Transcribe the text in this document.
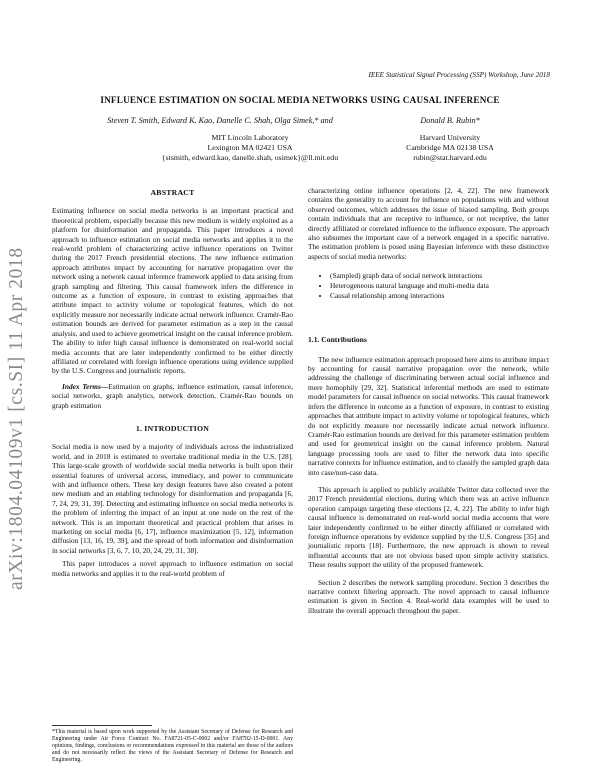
IEEE Statistical Signal Processing (SSP) Workshop, June 2018
arXiv:1804.04109v1 [cs.SI] 11 Apr 2018
INFLUENCE ESTIMATION ON SOCIAL MEDIA NETWORKS USING CAUSAL INFERENCE
Steven T. Smith, Edward K. Kao, Danelle C. Shah, Olga Simek,* and	Donald B. Rubin*
MIT Lincoln Laboratory
Lexington MA 02421 USA
{stsmith, edward.kao, danelle.shah, osimek}@ll.mit.edu
Harvard University
Cambridge MA 02138 USA
rubin@stat.harvard.edu
ABSTRACT

Estimating influence on social media networks is an important practical and theoretical problem, especially because this new medium is widely exploited as a platform for disinformation and propaganda. This paper introduces a novel approach to influence estimation on social media networks and applies it to the real-world problem of characterizing active influence operations on Twitter during the 2017 French presidential elections. The new influence estimation approach attributes impact by accounting for narrative propagation over the network using a network causal inference framework applied to data arising from graph sampling and filtering. This causal framework infers the difference in outcome as a function of exposure, in contrast to existing approaches that attribute impact to activity volume or topological features, which do not explicitly measure nor necessarily indicate actual network influence. Cramér-Rao estimation bounds are derived for parameter estimation as a step in the causal analysis, and used to achieve geometrical insight on the causal inference problem. The ability to infer high causal influence is demonstrated on real-world social media accounts that are later independently confirmed to be either directly affiliated or correlated with foreign influence operations using evidence supplied by the U.S. Congress and journalistic reports.

Index Terms—Estimation on graphs, influence estimation, causal inference, social networks, graph analytics, network detection, Cramér-Rao bounds on graph estimation

1. INTRODUCTION

Social media is now used by a majority of individuals across the industrialized world, and in 2018 is estimated to overtake traditional media in the U.S. [28]. This large-scale growth of worldwide social media networks is built upon their essential features of universal access, immediacy, and power to communicate with and influence others. These key design features have also created a potent new medium and an enabling technology for disinformation and propaganda [6, 7, 24, 29, 31, 39]. Detecting and estimating influence on social media networks is the problem of inferring the impact of an input at one node on the rest of the network. This is an important theoretical and practical problem that arises in marketing on social media [6, 17], influence maximization [5, 12], information diffusion [13, 16, 19, 39], and the spread of both information and disinformation in social networks [3, 6, 7, 10, 20, 24, 29, 31, 38].

This paper introduces a novel approach to influence estimation on social media networks and applies it to the real-world problem of

*This material is based upon work supported by the Assistant Secretary of Defense for Research and Engineering under Air Force Contract No. FA8721-05-C-0002 and/or FA8702-15-D-0001. Any opinions, findings, conclusions or recommendations expressed in this material are those of the authors and do not necessarily reflect the views of the Assistant Secretary of Defense for Research and Engineering.

characterizing online influence operations [2, 4, 22]. The new framework contains the generality to account for influence on populations with and without observed outcomes, which addresses the issue of biased sampling. Both groups contain individuals that are receptive to influence, or not receptive, the latter directly affiliated or correlated influence to the influence exposure. The approach also subsumes the important case of a network engaged in a specific narrative. The estimation problem is posed using Bayesian inference with these distinctive aspects of social media networks:

• (Sampled) graph data of social network interactions
• Heterogeneous natural language and multi-media data
• Causal relationship among interactions
1.1. Contributions

The new influence estimation approach proposed here aims to attribute impact by accounting for causal narrative propagation over the network, while addressing the challenge of discriminating between actual social influence and mere homophily [29, 32]. Statistical inferential methods are used to estimate model parameters for causal influence on social networks. This causal framework infers the difference in outcome as a function of exposure, in contrast to existing approaches that attribute impact to activity volume or topological features, which do not explicitly measure nor necessarily indicate actual network influence. Cramér-Rao estimation bounds are derived for this parameter estimation problem and used for geometrical insight on the causal inference problem. Natural language processing tools are used to filter the network data into specific narrative contexts for influence estimation, and to classify the sampled graph data into case/non-case data.

This approach is applied to publicly available Twitter data collected over the 2017 French presidential elections, during which there was an active influence operation campaign targeting these elections [2, 4, 22]. The ability to infer high causal influence is demonstrated on real-world social media accounts that were later independently confirmed to be either directly affiliated or correlated with foreign influence operations by evidence supplied by the U.S. Congress [35] and journalistic reports [18]. Furthermore, the new approach is shown to reveal influential accounts that are not obvious based upon simple activity statistics. These results support the utility of the proposed framework.

Section 2 describes the network sampling procedure. Section 3 describes the narrative context filtering approach. The novel approach to causal influence estimation is given in Section 4. Real-world data examples will be used to illustrate the overall approach throughout the paper.
